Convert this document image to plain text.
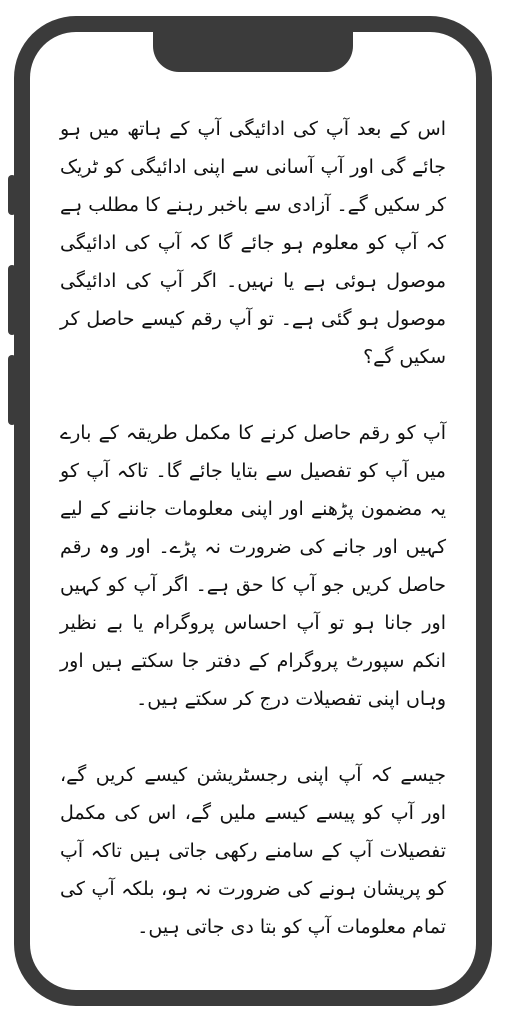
اس کے بعد آپ کی ادائیگی آپ کے ہاتھ میں ہو جائے گی اور آپ آسانی سے اپنی ادائیگی کو ٹریک کر سکیں گے۔ آزادی سے باخبر رہنے کا مطلب ہے کہ آپ کو معلوم ہو جائے گا کہ آپ کی ادائیگی موصول ہوئی ہے یا نہیں۔ اگر آپ کی ادائیگی موصول ہو گئی ہے۔ تو آپ رقم کیسے حاصل کر سکیں گے؟

آپ کو رقم حاصل کرنے کا مکمل طریقہ کے بارے میں آپ کو تفصیل سے بتایا جائے گا۔ تاکہ آپ کو یہ مضمون پڑھنے اور اپنی معلومات جاننے کے لیے کہیں اور جانے کی ضرورت نہ پڑے۔ اور وہ رقم حاصل کریں جو آپ کا حق ہے۔ اگر آپ کو کہیں اور جانا ہو تو آپ احساس پروگرام یا بے نظیر انکم سپورٹ پروگرام کے دفتر جا سکتے ہیں اور وہاں اپنی تفصیلات درج کر سکتے ہیں۔

جیسے کہ آپ اپنی رجسٹریشن کیسے کریں گے، اور آپ کو پیسے کیسے ملیں گے، اس کی مکمل تفصیلات آپ کے سامنے رکھی جاتی ہیں تاکہ آپ کو پریشان ہونے کی ضرورت نہ ہو، بلکہ آپ کی تمام معلومات آپ کو بتا دی جاتی ہیں۔
